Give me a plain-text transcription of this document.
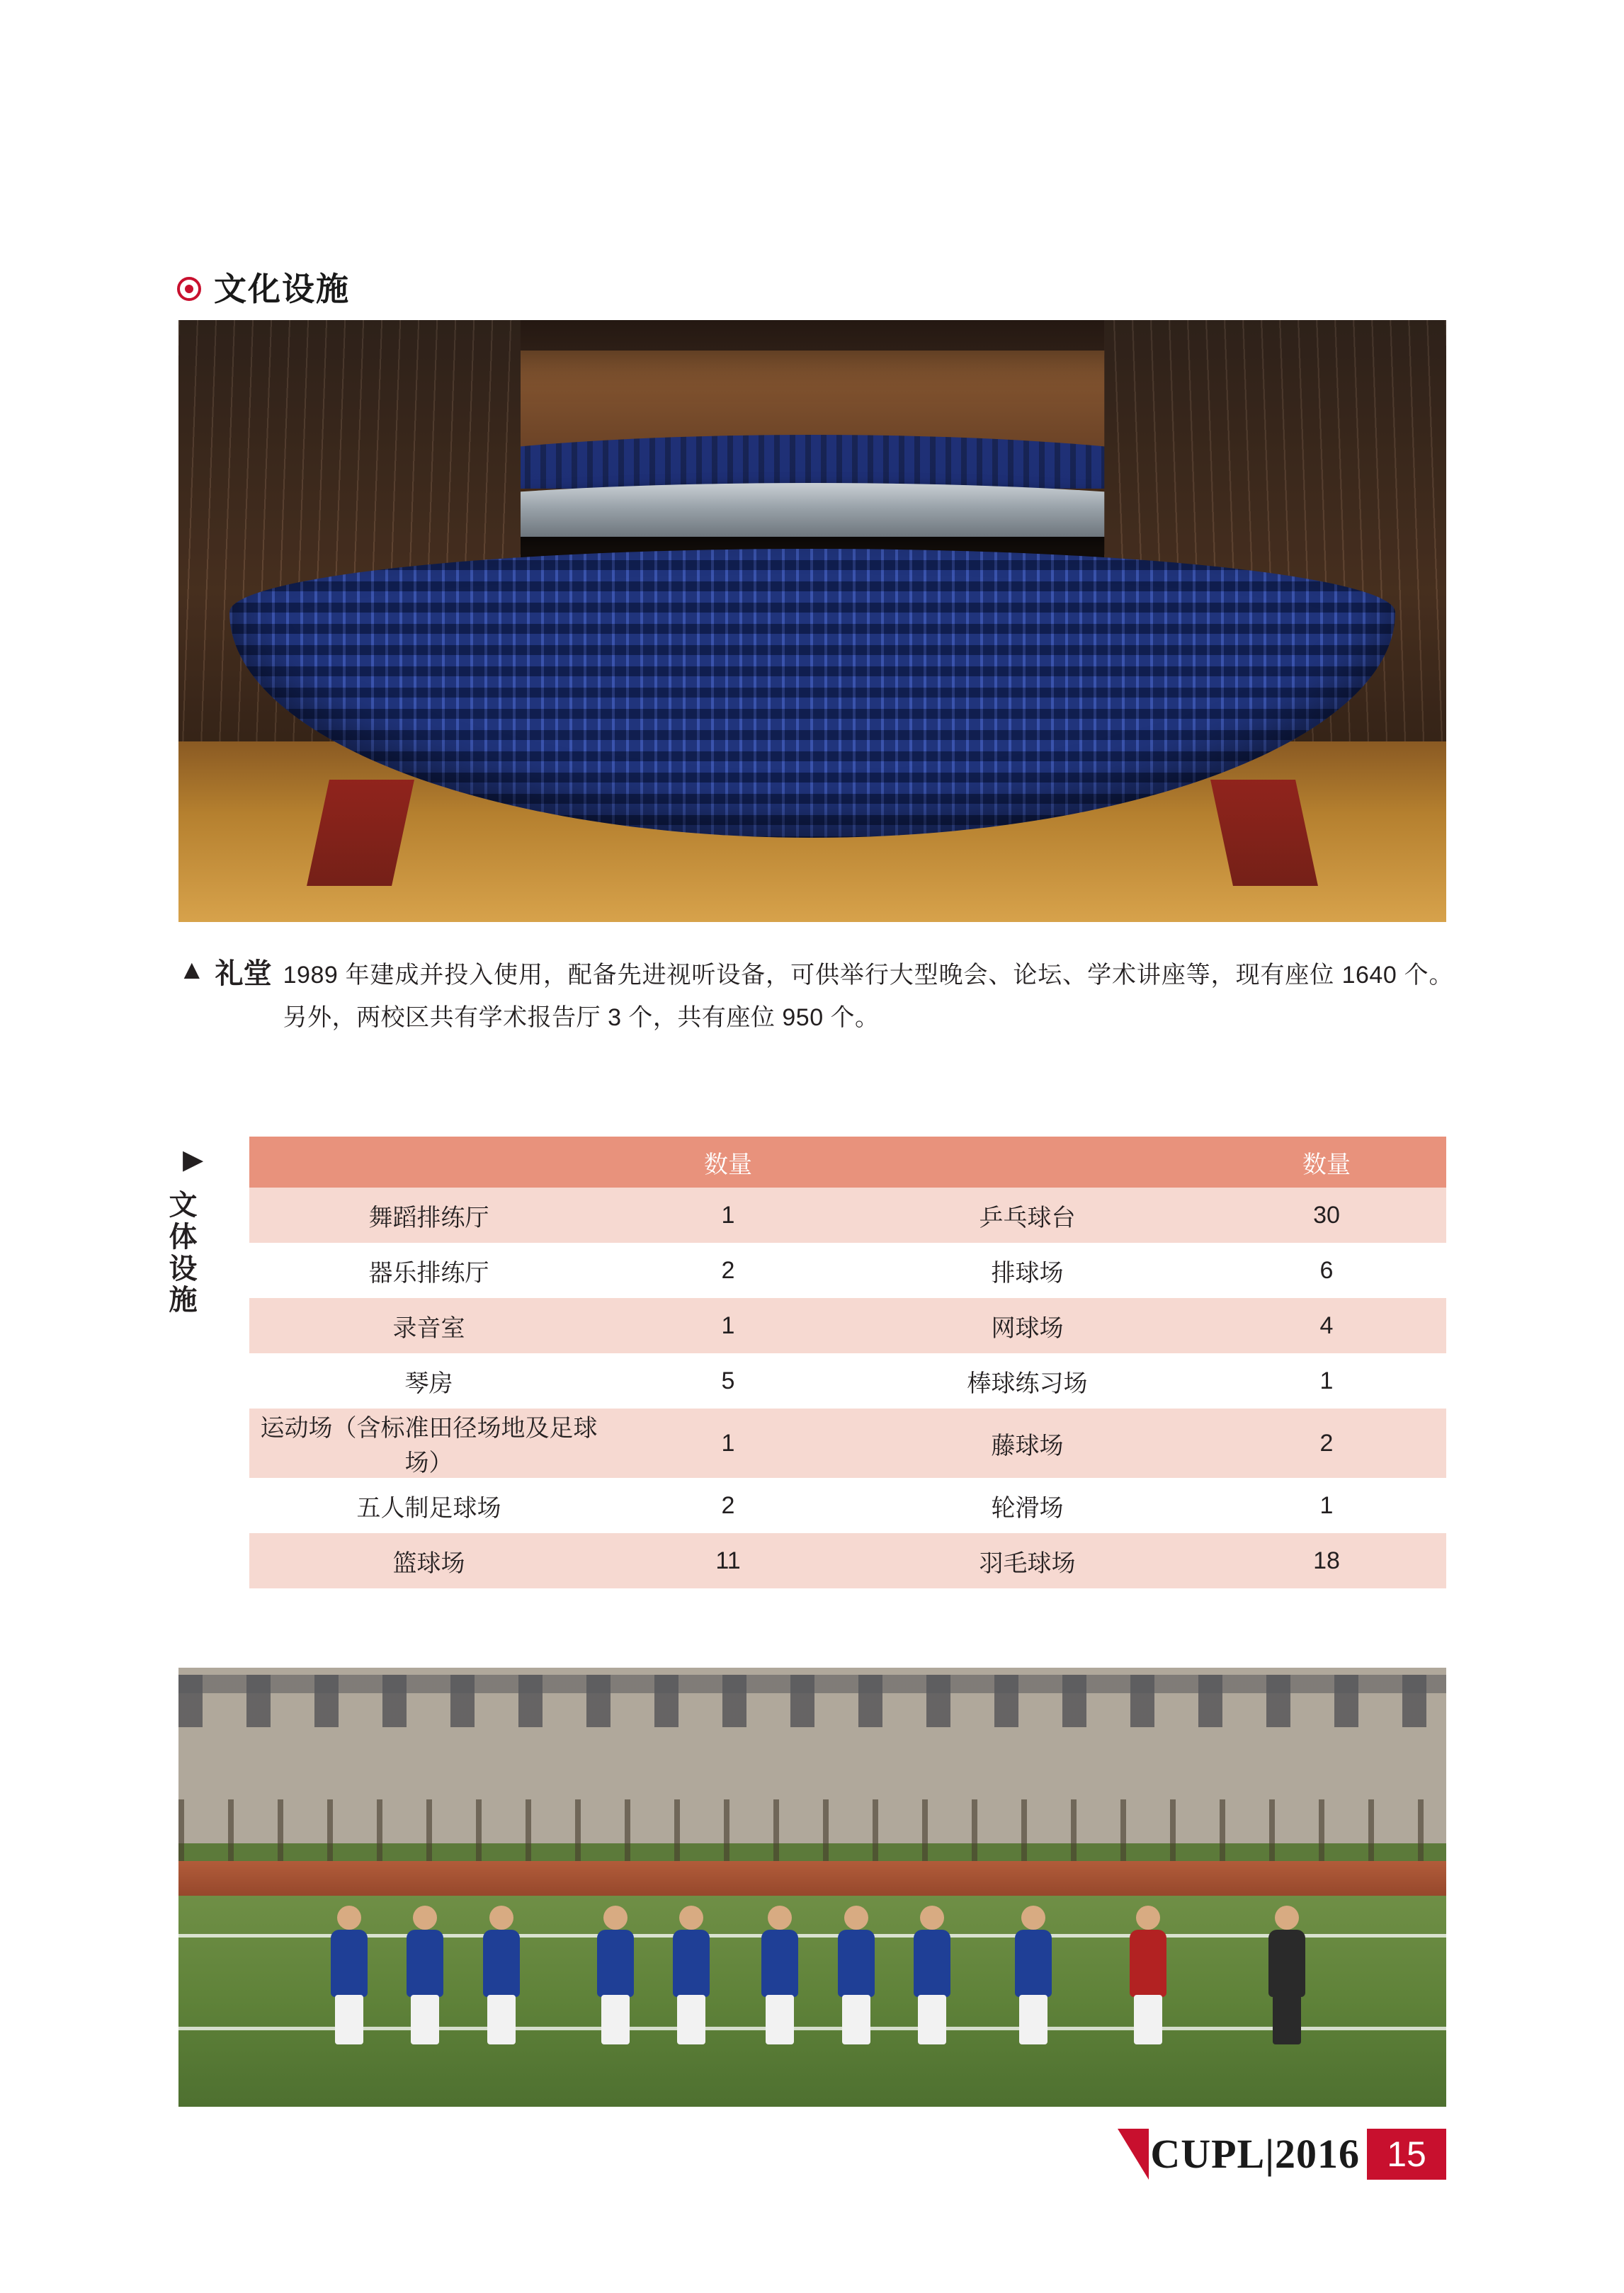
文化设施
▲ 礼堂 1989 年建成并投入使用，配备先进视听设备，可供举行大型晚会、论坛、学术讲座等，现有座位 1640 个。另外，两校区共有学术报告厅 3 个，共有座位 950 个。
▶
文体设施
	数量		数量
舞蹈排练厅	1	乒乓球台	30
器乐排练厅	2	排球场	6
录音室	1	网球场	4
琴房	5	棒球练习场	1
运动场（含标准田径场地及足球场）	1	藤球场	2
五人制足球场	2	轮滑场	1
篮球场	11	羽毛球场	18
CUPL|2016 15
